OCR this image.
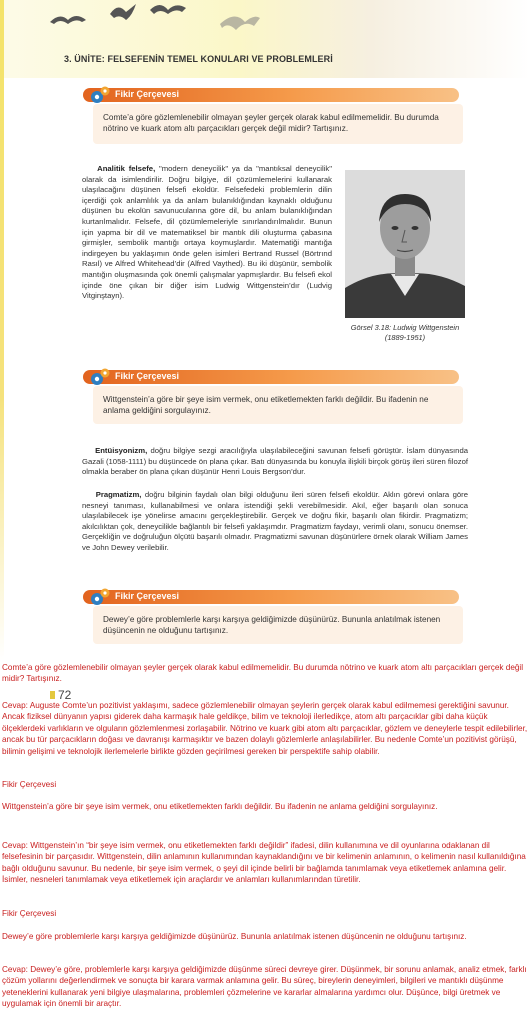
3. ÜNİTE: FELSEFENİN TEMEL KONULARI VE PROBLEMLERİ
Fikir Çerçevesi
Comte’a göre gözlemlenebilir olmayan şeyler gerçek olarak kabul edilmemelidir. Bu durumda nötrino ve kuark atom altı parçacıkları gerçek değil midir? Tartışınız.
Analitik felsefe, "modern deneycilik" ya da "mantıksal deneycilik" olarak da isimlendirilir. Doğru bilgiye, dil çözümlemelerini kullanarak ulaşılacağını düşünen felsefi ekoldür. Felsefedeki problemlerin dilin içerdiği çok anlamlılık ya da anlam bulanıklığından kaynaklı olduğunu düşünen bu ekolün savunucularına göre dil, bu anlam bulanıklığından kurtarılmalıdır. Felsefe, dil çözümlemeleriyle sınırlandırılmalıdır. Bunun için yapma bir dil ve matematiksel bir mantık dili oluşturma çabasına girmişler, sembolik mantığı ortaya koymuşlardır. Matematiği mantığa indirgeyen bu yaklaşımın önde gelen isimleri Bertrand Russel (Börtrınd Rasıl) ve Alfred Whitehead’dir (Alfred Vaythed). Bu iki düşünür, sembolik mantığın oluşmasında çok önemli çalışmalar yapmışlardır. Bu felsefi ekol içinde öne çıkan bir diğer isim Ludwig Wittgenstein’dır (Ludvig Vitginştayn).
Görsel 3.18: Ludwig Wittgenstein
(1889-1951)
Fikir Çerçevesi
Wittgenstein’a göre bir şeye isim vermek, onu etiketlemekten farklı değildir. Bu ifadenin ne anlama geldiğini sorgulayınız.
Entüisyonizm, doğru bilgiye sezgi aracılığıyla ulaşılabileceğini savunan felsefi görüştür. İslam dünyasında Gazali (1058-1111) bu düşüncede ön plana çıkar. Batı dünyasında bu konuyla ilişkili birçok görüş ileri süren filozof olmakla beraber ön plana çıkan düşünür Henri Louis Bergson’dur.
Pragmatizm, doğru bilginin faydalı olan bilgi olduğunu ileri süren felsefi ekoldür. Aklın görevi onlara göre nesneyi tanıması, kullanabilmesi ve onlara istendiği şekli verebilmesidir. Akıl, eğer başarılı olan sonuca ulaşılabilecek işe yönelirse amacını gerçekleştirebilir. Gerçek ve doğru fikir, başarılı olan fikirdir. Pragmatizm; akılcılıktan çok, deneycilikle bağlantılı bir felsefi yaklaşımdır. Pragmatizm faydayı, verimli olanı, sonucu önemser. Gerçekliğin ve doğruluğun ölçütü başarılı olmadır. Pragmatizmi savunan düşünürlere örnek olarak William James ve John Dewey verilebilir.
Fikir Çerçevesi
Dewey’e göre problemlerle karşı karşıya geldiğimizde düşünürüz. Bununla anlatılmak istenen düşüncenin ne olduğunu tartışınız.
72
Comte’a göre gözlemlenebilir olmayan şeyler gerçek olarak kabul edilmemelidir. Bu durumda nötrino ve kuark atom altı parçacıkları gerçek değil midir? Tartışınız.
Cevap: Auguste Comte’un pozitivist yaklaşımı, sadece gözlemlenebilir olmayan şeylerin gerçek olarak kabul edilmemesi gerektiğini savunur. Ancak fiziksel dünyanın yapısı giderek daha karmaşık hale geldikçe, bilim ve teknoloji ilerledikçe, atom altı parçacıklar gibi daha küçük ölçeklerdeki varlıkların ve olguların gözlemlenmesi zorlaşabilir. Nötrino ve kuark gibi atom altı parçacıklar, gözlem ve deneylerle tespit edilebilirler, ancak bu tür parçacıkların doğası ve davranışı karmaşıktır ve bazen dolaylı gözlemlerle anlaşılabilirler. Bu nedenle Comte’un pozitivist görüşü, bilimin gelişimi ve teknolojik ilerlemelerle birlikte gözden geçirilmesi gereken bir perspektife sahip olabilir.
Fikir Çerçevesi
Wittgenstein’a göre bir şeye isim vermek, onu etiketlemekten farklı değildir. Bu ifadenin ne anlama geldiğini sorgulayınız.
Cevap: Wittgenstein’ın “bir şeye isim vermek, onu etiketlemekten farklı değildir” ifadesi, dilin kullanımına ve dil oyunlarına odaklanan dil felsefesinin bir parçasıdır. Wittgenstein, dilin anlamının kullanımından kaynaklandığını ve bir kelimenin anlamının, o kelimenin nasıl kullanıldığına bağlı olduğunu savunur. Bu nedenle, bir şeye isim vermek, o şeyi dil içinde belirli bir bağlamda tanımlamak veya etiketlemek anlamına gelir. İsimler, nesneleri tanımlamak veya etiketlemek için araçlardır ve anlamları kullanımlarından türetilir.
Fikir Çerçevesi
Dewey’e göre problemlerle karşı karşıya geldiğimizde düşünürüz. Bununla anlatılmak istenen düşüncenin ne olduğunu tartışınız.
Cevap: Dewey’e göre, problemlerle karşı karşıya geldiğimizde düşünme süreci devreye girer. Düşünmek, bir sorunu anlamak, analiz etmek, farklı çözüm yollarını değerlendirmek ve sonuçta bir karara varmak anlamına gelir. Bu süreç, bireylerin deneyimleri, bilgileri ve mantıklı düşünme yeteneklerini kullanarak yeni bilgiye ulaşmalarına, problemleri çözmelerine ve kararlar almalarına yardımcı olur. Düşünce, bilgi üretmek ve uygulamak için önemli bir araçtır.
